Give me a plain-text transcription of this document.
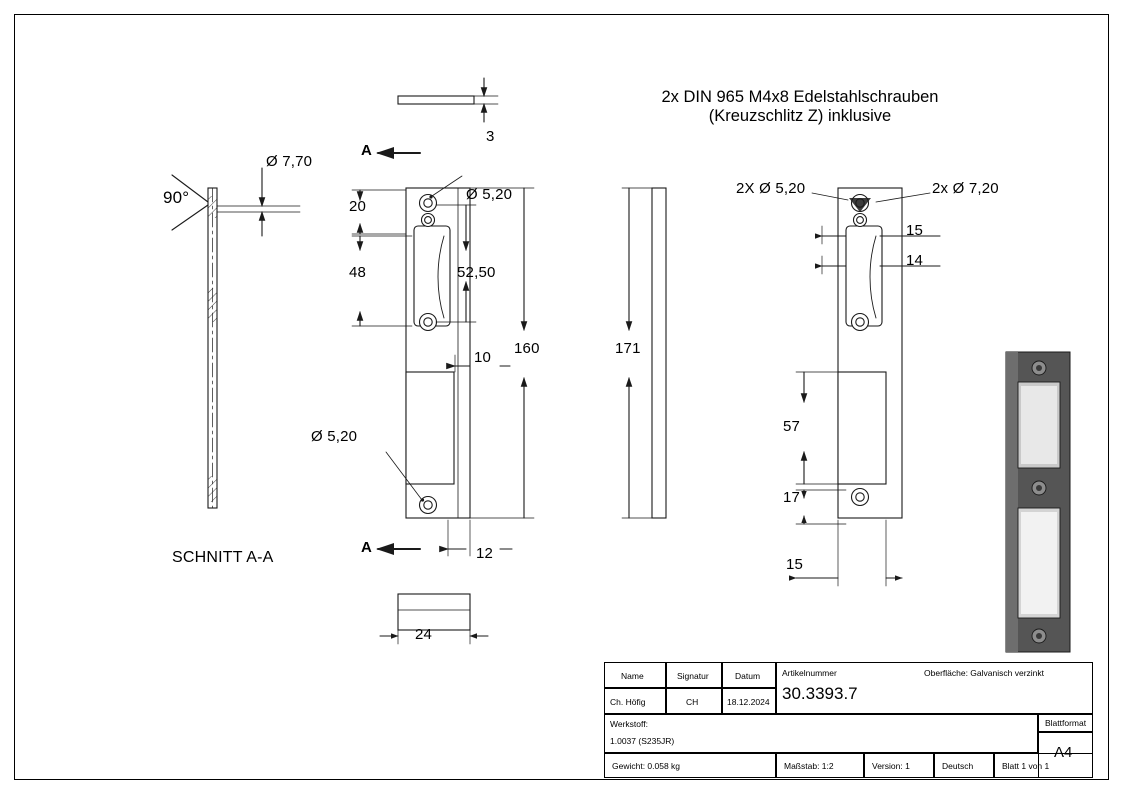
2x DIN 965 M4x8 Edelstahlschrauben
(Kreuzschlitz Z) inklusive
90°
Ø 7,70
SCHNITT A-A
A
A
3
Ø 5,20
Ø 5,20
20
48	52,50
10
160
12
24
171
2X Ø 5,20	2x Ø 7,20
15
14
57
17
15
Name	Signatur	Datum
Ch. Höfig	CH	18.12.2024
Artikelnummer	Oberfläche: Galvanisch verzinkt
30.3393.7
Werkstoff:
1.0037 (S235JR)
Blattformat
A4
Gewicht: 0.058 kg	Maßstab: 1:2	Version: 1	Deutsch	Blatt 1 von 1
